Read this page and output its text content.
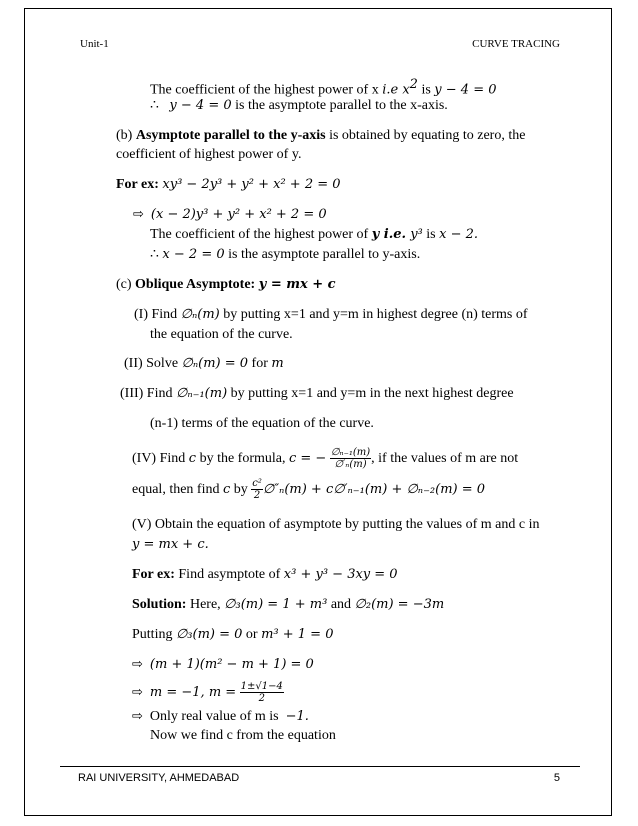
Unit-1	CURVE TRACING
The coefficient of the highest power of x i.e $x^2$ is y − 4 = 0
∴ y − 4 = 0 is the asymptote parallel to the x-axis.
(b) Asymptote parallel to the y-axis is obtained by equating to zero, the
coefficient of highest power of y.
For ex: xy³ − 2y³ + y² + x² + 2 = 0
⇨ (x − 2)y³ + y² + x² + 2 = 0
The coefficient of the highest power of y i.e. y³ is x − 2.
∴ x − 2 = 0 is the asymptote parallel to y-axis.
(c) Oblique Asymptote: y = mx + c
(I) Find ∅ₙ(m) by putting x=1 and y=m in highest degree (n) terms of
the equation of the curve.
(II) Solve ∅ₙ(m) = 0 for m
(III) Find ∅ₙ₋₁(m) by putting x=1 and y=m in the next highest degree
(n-1) terms of the equation of the curve.
(IV) Find c by the formula, c = − $\frac{\text{∅ₙ₋₁(m)}}{\text{∅′ₙ(m)}}$ , if the values of m are not
equal, then find c by $\frac{\text{c²}}{2}$ ∅″ₙ(m) + c∅′ₙ₋₁(m) + ∅ₙ₋₂(m) = 0
(V) Obtain the equation of asymptote by putting the values of m and c in
y = mx + c.
For ex: Find asymptote of x³ + y³ − 3xy = 0
Solution: Here, ∅₃(m) = 1 + m³ and ∅₂(m) = −3m
Putting ∅₃(m) = 0 or m³ + 1 = 0
⇨ (m + 1)(m² − m + 1) = 0
⇨ m = −1, $m = \frac{1\pm√1-4}{2}$
⇨ Only real value of m is  −1.
Now we find c from the equation
RAI UNIVERSITY, AHMEDABAD	5
